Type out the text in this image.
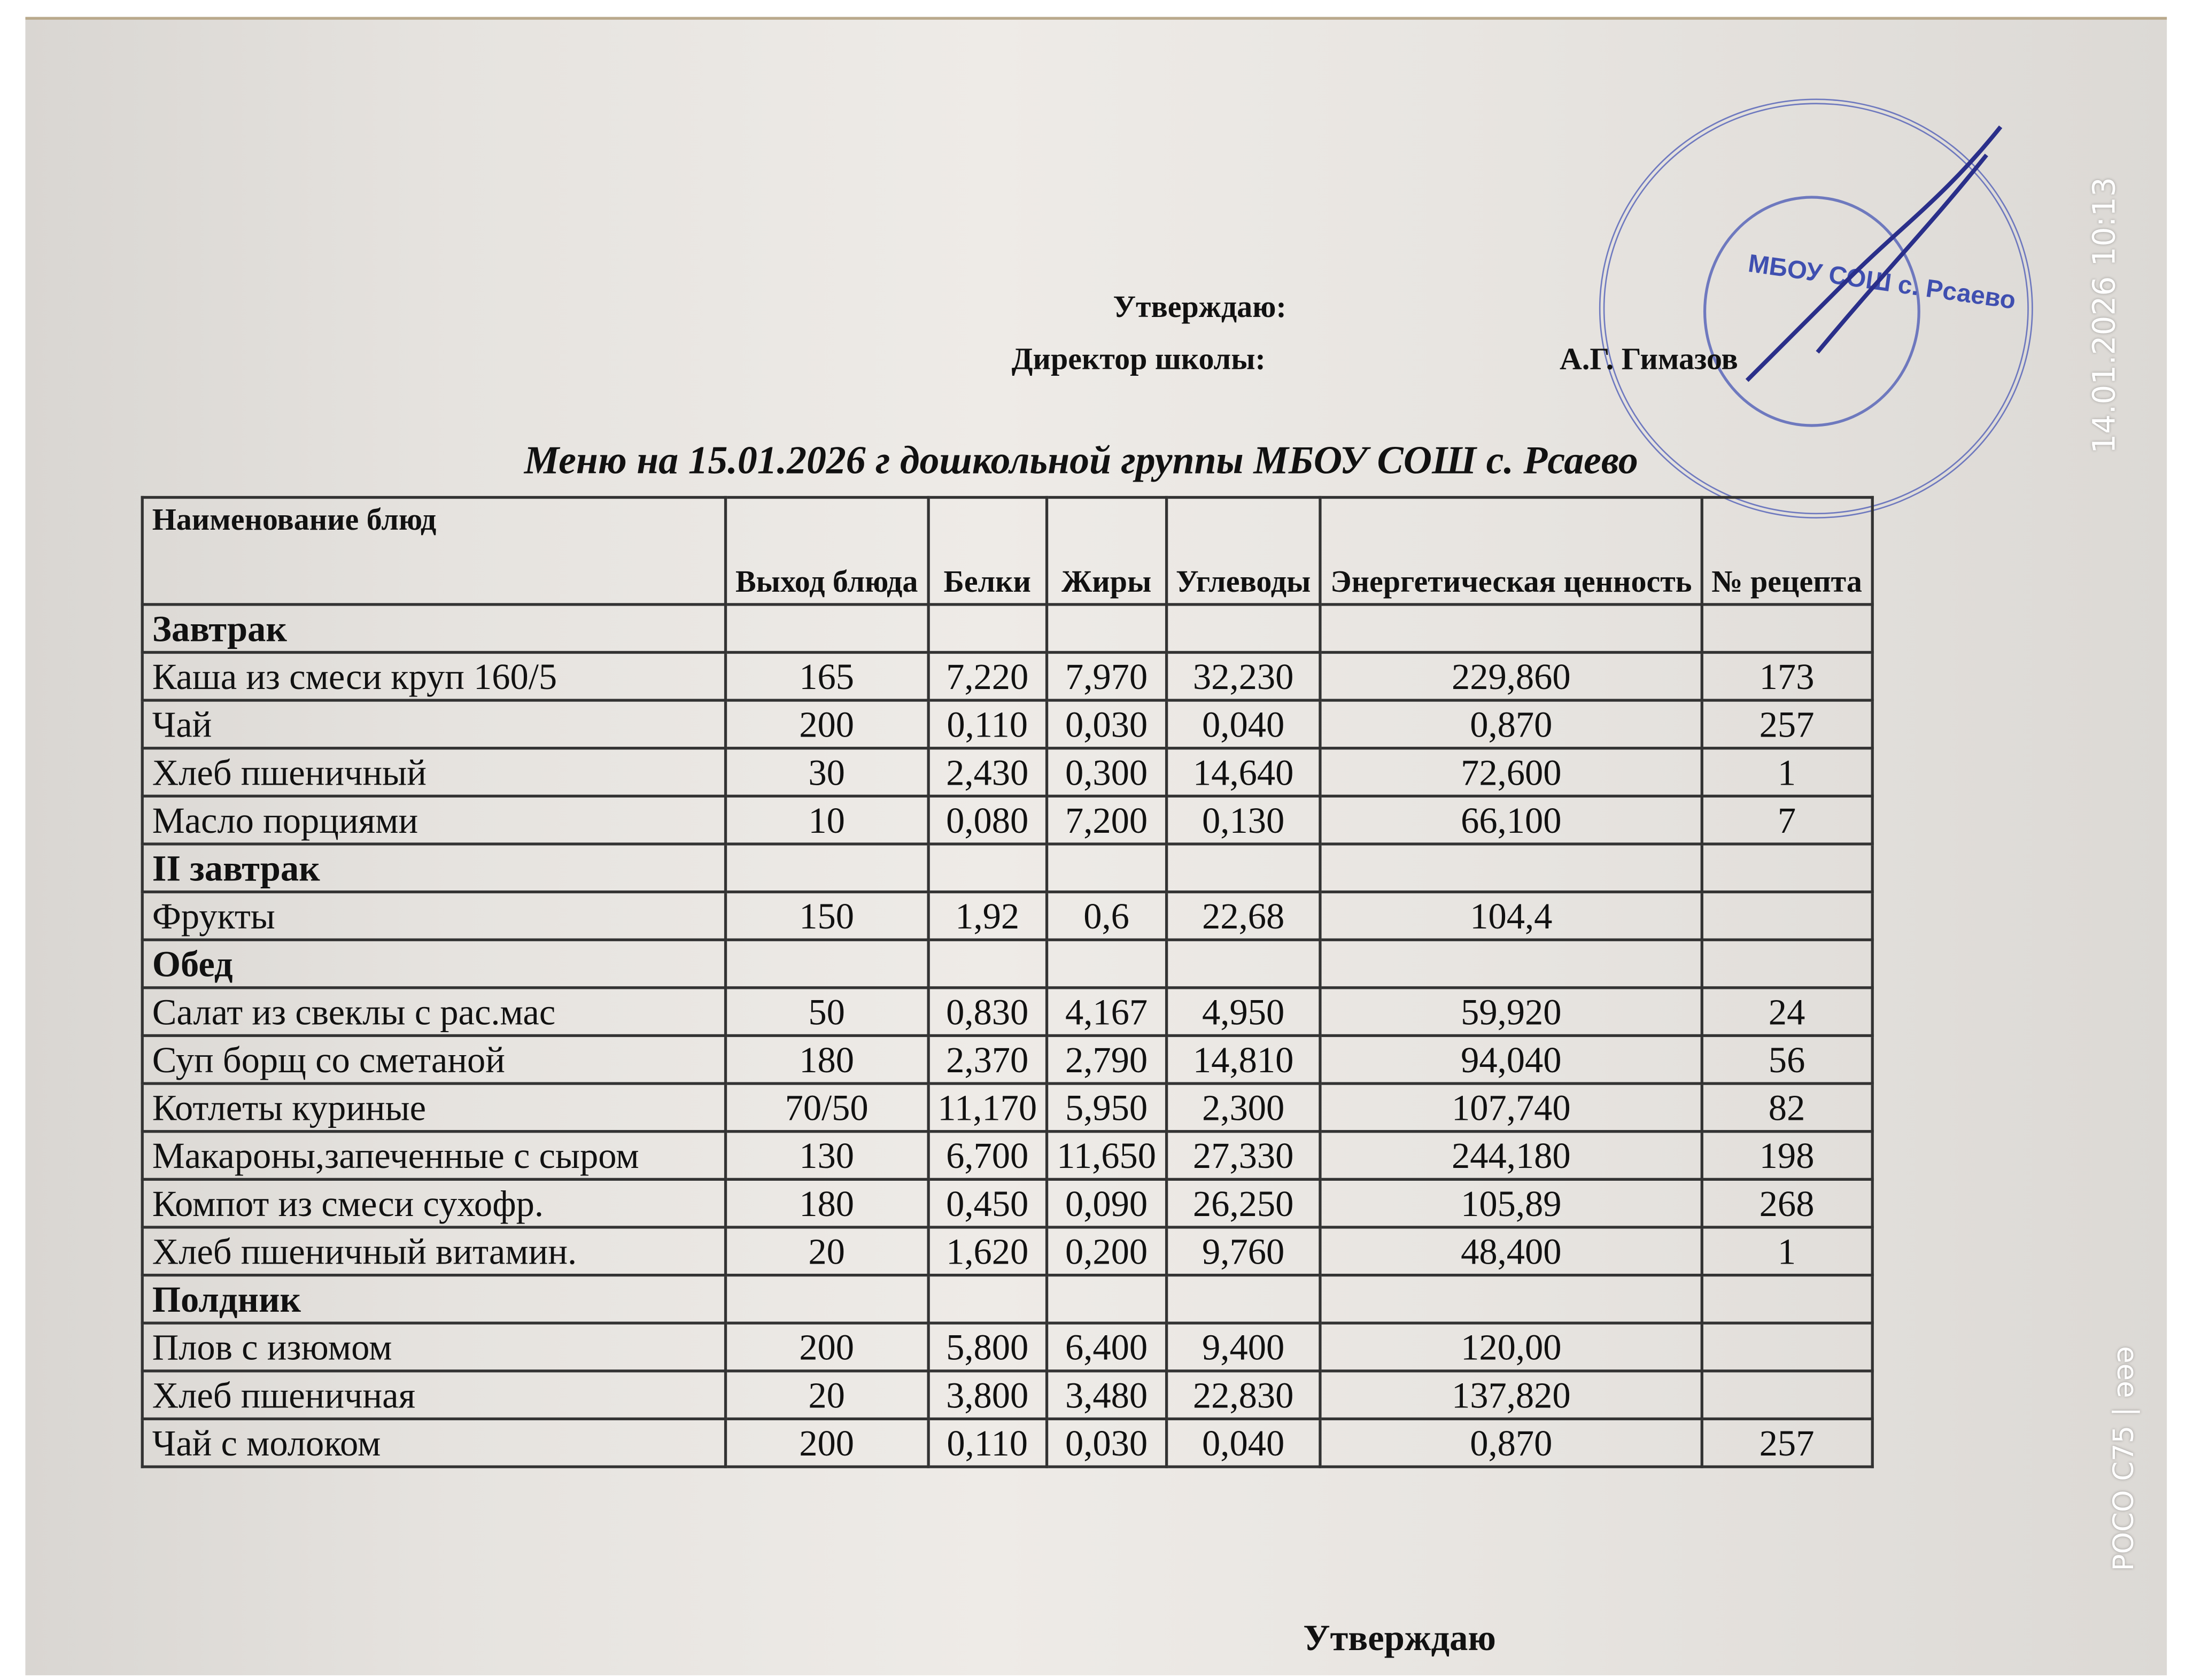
МБОУ СОШ с. Рсаево
Утверждаю:
Директор школы:	А.Г. Гимазов
Меню на 15.01.2026 г дошкольной группы МБОУ СОШ с. Рсаево
Наименование блюд	Выход блюда	Белки	Жиры	Углеводы	Энергетическая ценность	№ рецепта
Завтрак						
Каша из смеси круп 160/5	165	7,220	7,970	32,230	229,860	173
Чай	200	0,110	0,030	0,040	0,870	257
Хлеб пшеничный	30	2,430	0,300	14,640	72,600	1
Масло порциями	10	0,080	7,200	0,130	66,100	7
II завтрак						
Фрукты	150	1,92	0,6	22,68	104,4	
Обед						
Салат из свеклы с рас.мас	50	0,830	4,167	4,950	59,920	24
Суп борщ со сметаной	180	2,370	2,790	14,810	94,040	56
Котлеты куриные	70/50	11,170	5,950	2,300	107,740	82
Макароны,запеченные с сыром	130	6,700	11,650	27,330	244,180	198
Компот из смеси сухофр.	180	0,450	0,090	26,250	105,89	268
Хлеб пшеничный витамин.	20	1,620	0,200	9,760	48,400	1
Полдник						
Плов с изюмом	200	5,800	6,400	9,400	120,00	
Хлеб пшеничная	20	3,800	3,480	22,830	137,820	
Чай с молоком	200	0,110	0,030	0,040	0,870	257
Утверждаю
14.01.2026 10:13
POCO C75 | әәә
